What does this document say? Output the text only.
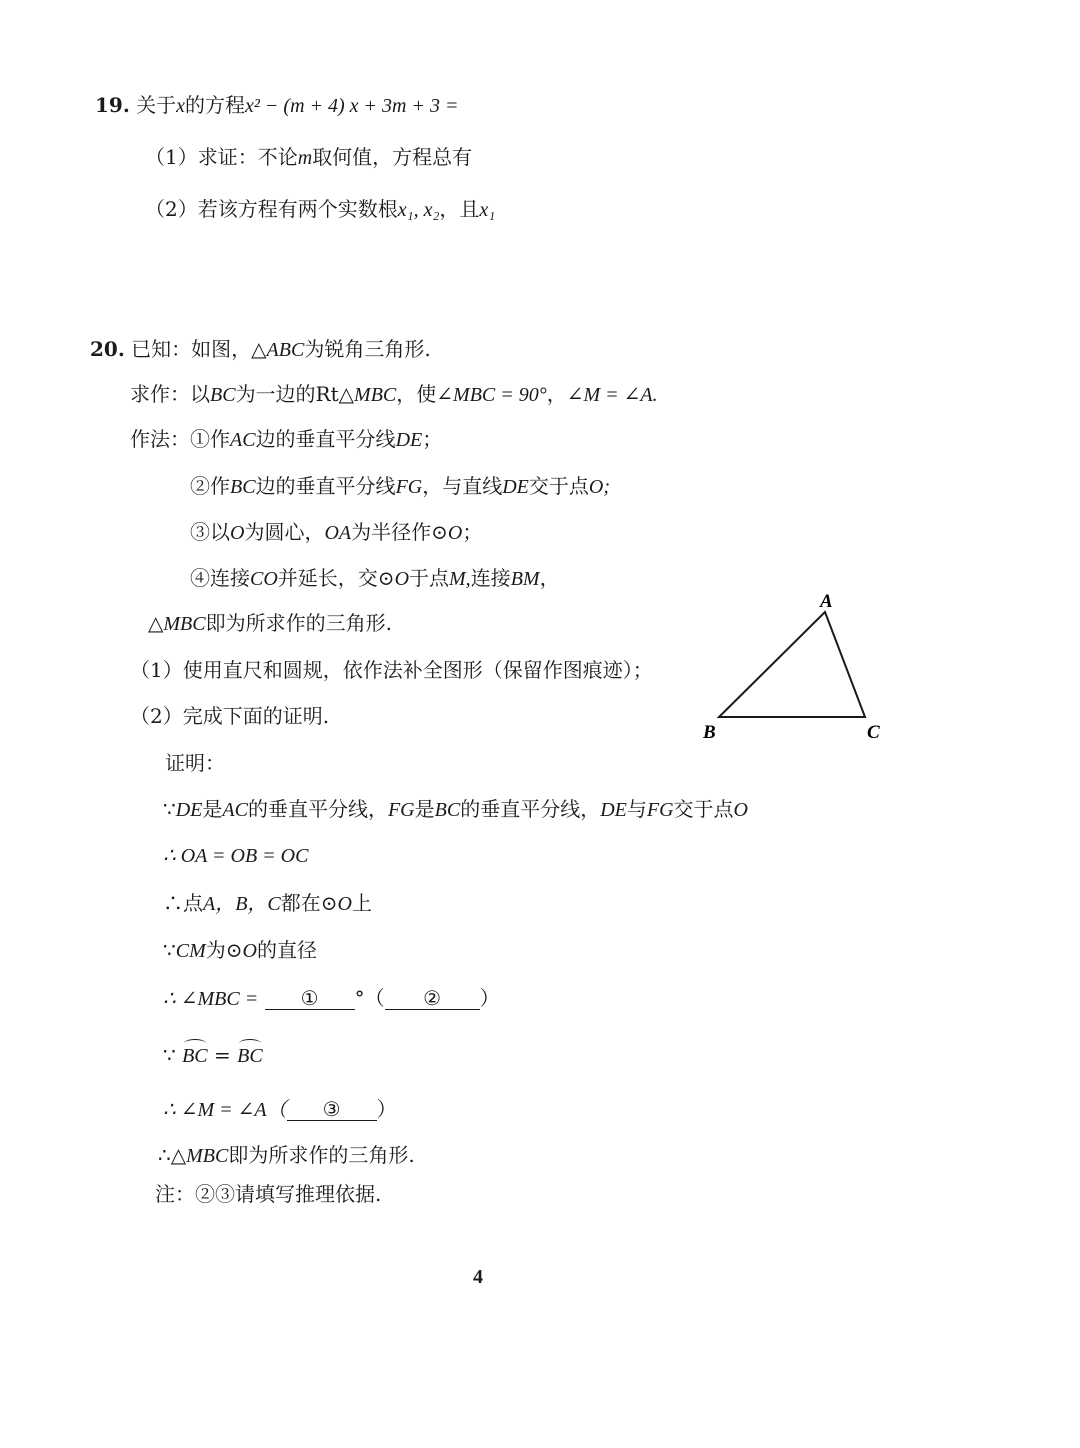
19. 关于x的方程x² − (m + 4) x + 3m + 3 =
（1）求证：不论m取何值，方程总有
（2）若该方程有两个实数根x₁, x₂，且x₁
20. 已知：如图，△ABC为锐角三角形.
求作：以BC为一边的Rt△MBC，使∠MBC = 90°，∠M = ∠A.
作法：①作AC边的垂直平分线DE；
②作BC边的垂直平分线FG，与直线DE交于点O;
③以O为圆心，OA为半径作⊙O；
④连接CO并延长，交⊙O于点M,连接BM，
△MBC即为所求作的三角形.
（1）使用直尺和圆规，依作法补全图形（保留作图痕迹）；
（2）完成下面的证明.
A
B	C
证明：
∵DE是AC的垂直平分线，FG是BC的垂直平分线，DE与FG交于点O
∴ OA = OB = OC
∴点A，B，C都在⊙O上
∵CM为⊙O的直径
∴ ∠MBC = ① °（ ② ）
∵ BC = BC
∴ ∠M = ∠A（ ③ ）
∴△MBC即为所求作的三角形.
注：②③请填写推理依据.
4
